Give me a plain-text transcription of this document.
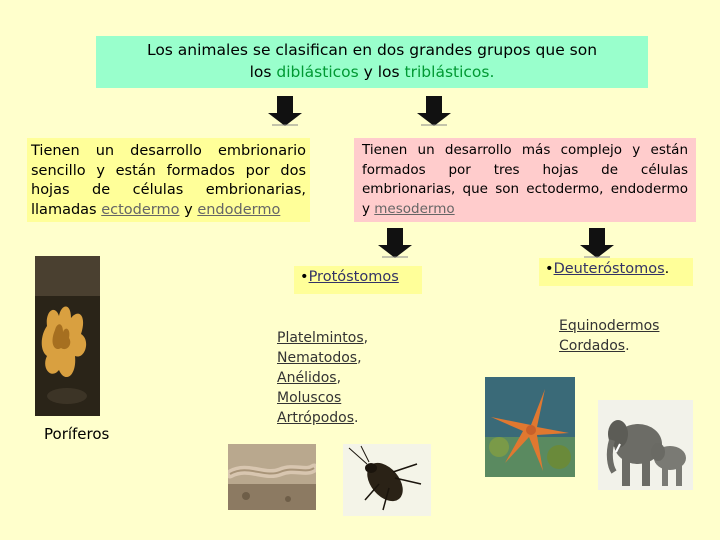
Los animales se clasifican en dos grandes grupos que son
los diblásticos y los triblásticos.
Tienen un desarrollo embrionario sencillo y están formados por dos hojas de células embrionarias, llamadas ectodermo y endodermo
Tienen un desarrollo más complejo y están formados por tres hojas de células embrionarias, que son ectodermo, endodermo y mesodermo
•Protóstomos	•Deuteróstomos.
Platelmintos,
Nematodos,
Anélidos,
Moluscos
Artrópodos.
Equinodermos
Cordados.
Poríferos
